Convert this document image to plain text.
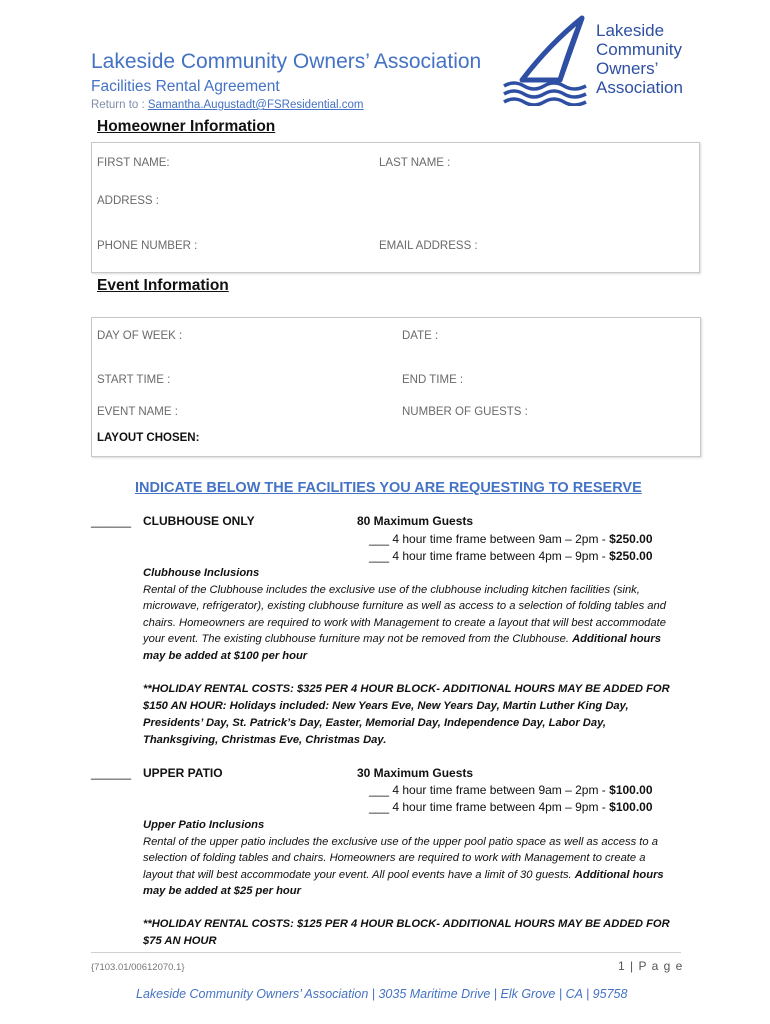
Lakeside Community Owners’ Association
Facilities Rental Agreement
Return to : Samantha.Augustadt@FSResidential.com
Lakeside
Community
Owners’
Association
Homeowner Information
FIRST NAME:	LAST NAME :
ADDRESS :
PHONE NUMBER :	EMAIL ADDRESS :
Event Information
DAY OF WEEK :	DATE :
START TIME :	END TIME :
EVENT NAME :	NUMBER OF GUESTS :
LAYOUT CHOSEN:
INDICATE BELOW THE FACILITIES YOU ARE REQUESTING TO RESERVE
______ CLUBHOUSE ONLY	80 Maximum Guests
___ 4 hour time frame between 9am – 2pm - $250.00
___ 4 hour time frame between 4pm – 9pm - $250.00
Clubhouse Inclusions
Rental of the Clubhouse includes the exclusive use of the clubhouse including kitchen facilities (sink, microwave, refrigerator), existing clubhouse furniture as well as access to a selection of folding tables and chairs. Homeowners are required to work with Management to create a layout that will best accommodate your event. The existing clubhouse furniture may not be removed from the Clubhouse. Additional hours may be added at $100 per hour
**HOLIDAY RENTAL COSTS: $325 PER 4 HOUR BLOCK- ADDITIONAL HOURS MAY BE ADDED FOR $150 AN HOUR: Holidays included: New Years Eve, New Years Day, Martin Luther King Day, Presidents’ Day, St. Patrick’s Day, Easter, Memorial Day, Independence Day, Labor Day, Thanksgiving, Christmas Eve, Christmas Day.
______ UPPER PATIO	30 Maximum Guests
___ 4 hour time frame between 9am – 2pm - $100.00
___ 4 hour time frame between 4pm – 9pm - $100.00
Upper Patio Inclusions
Rental of the upper patio includes the exclusive use of the upper pool patio space as well as access to a selection of folding tables and chairs. Homeowners are required to work with Management to create a layout that will best accommodate your event. All pool events have a limit of 30 guests. Additional hours may be added at $25 per hour
**HOLIDAY RENTAL COSTS: $125 PER 4 HOUR BLOCK- ADDITIONAL HOURS MAY BE ADDED FOR $75 AN HOUR
{7103.01/00612070.1}	1 | P a g e
Lakeside Community Owners’ Association | 3035 Maritime Drive | Elk Grove | CA | 95758
